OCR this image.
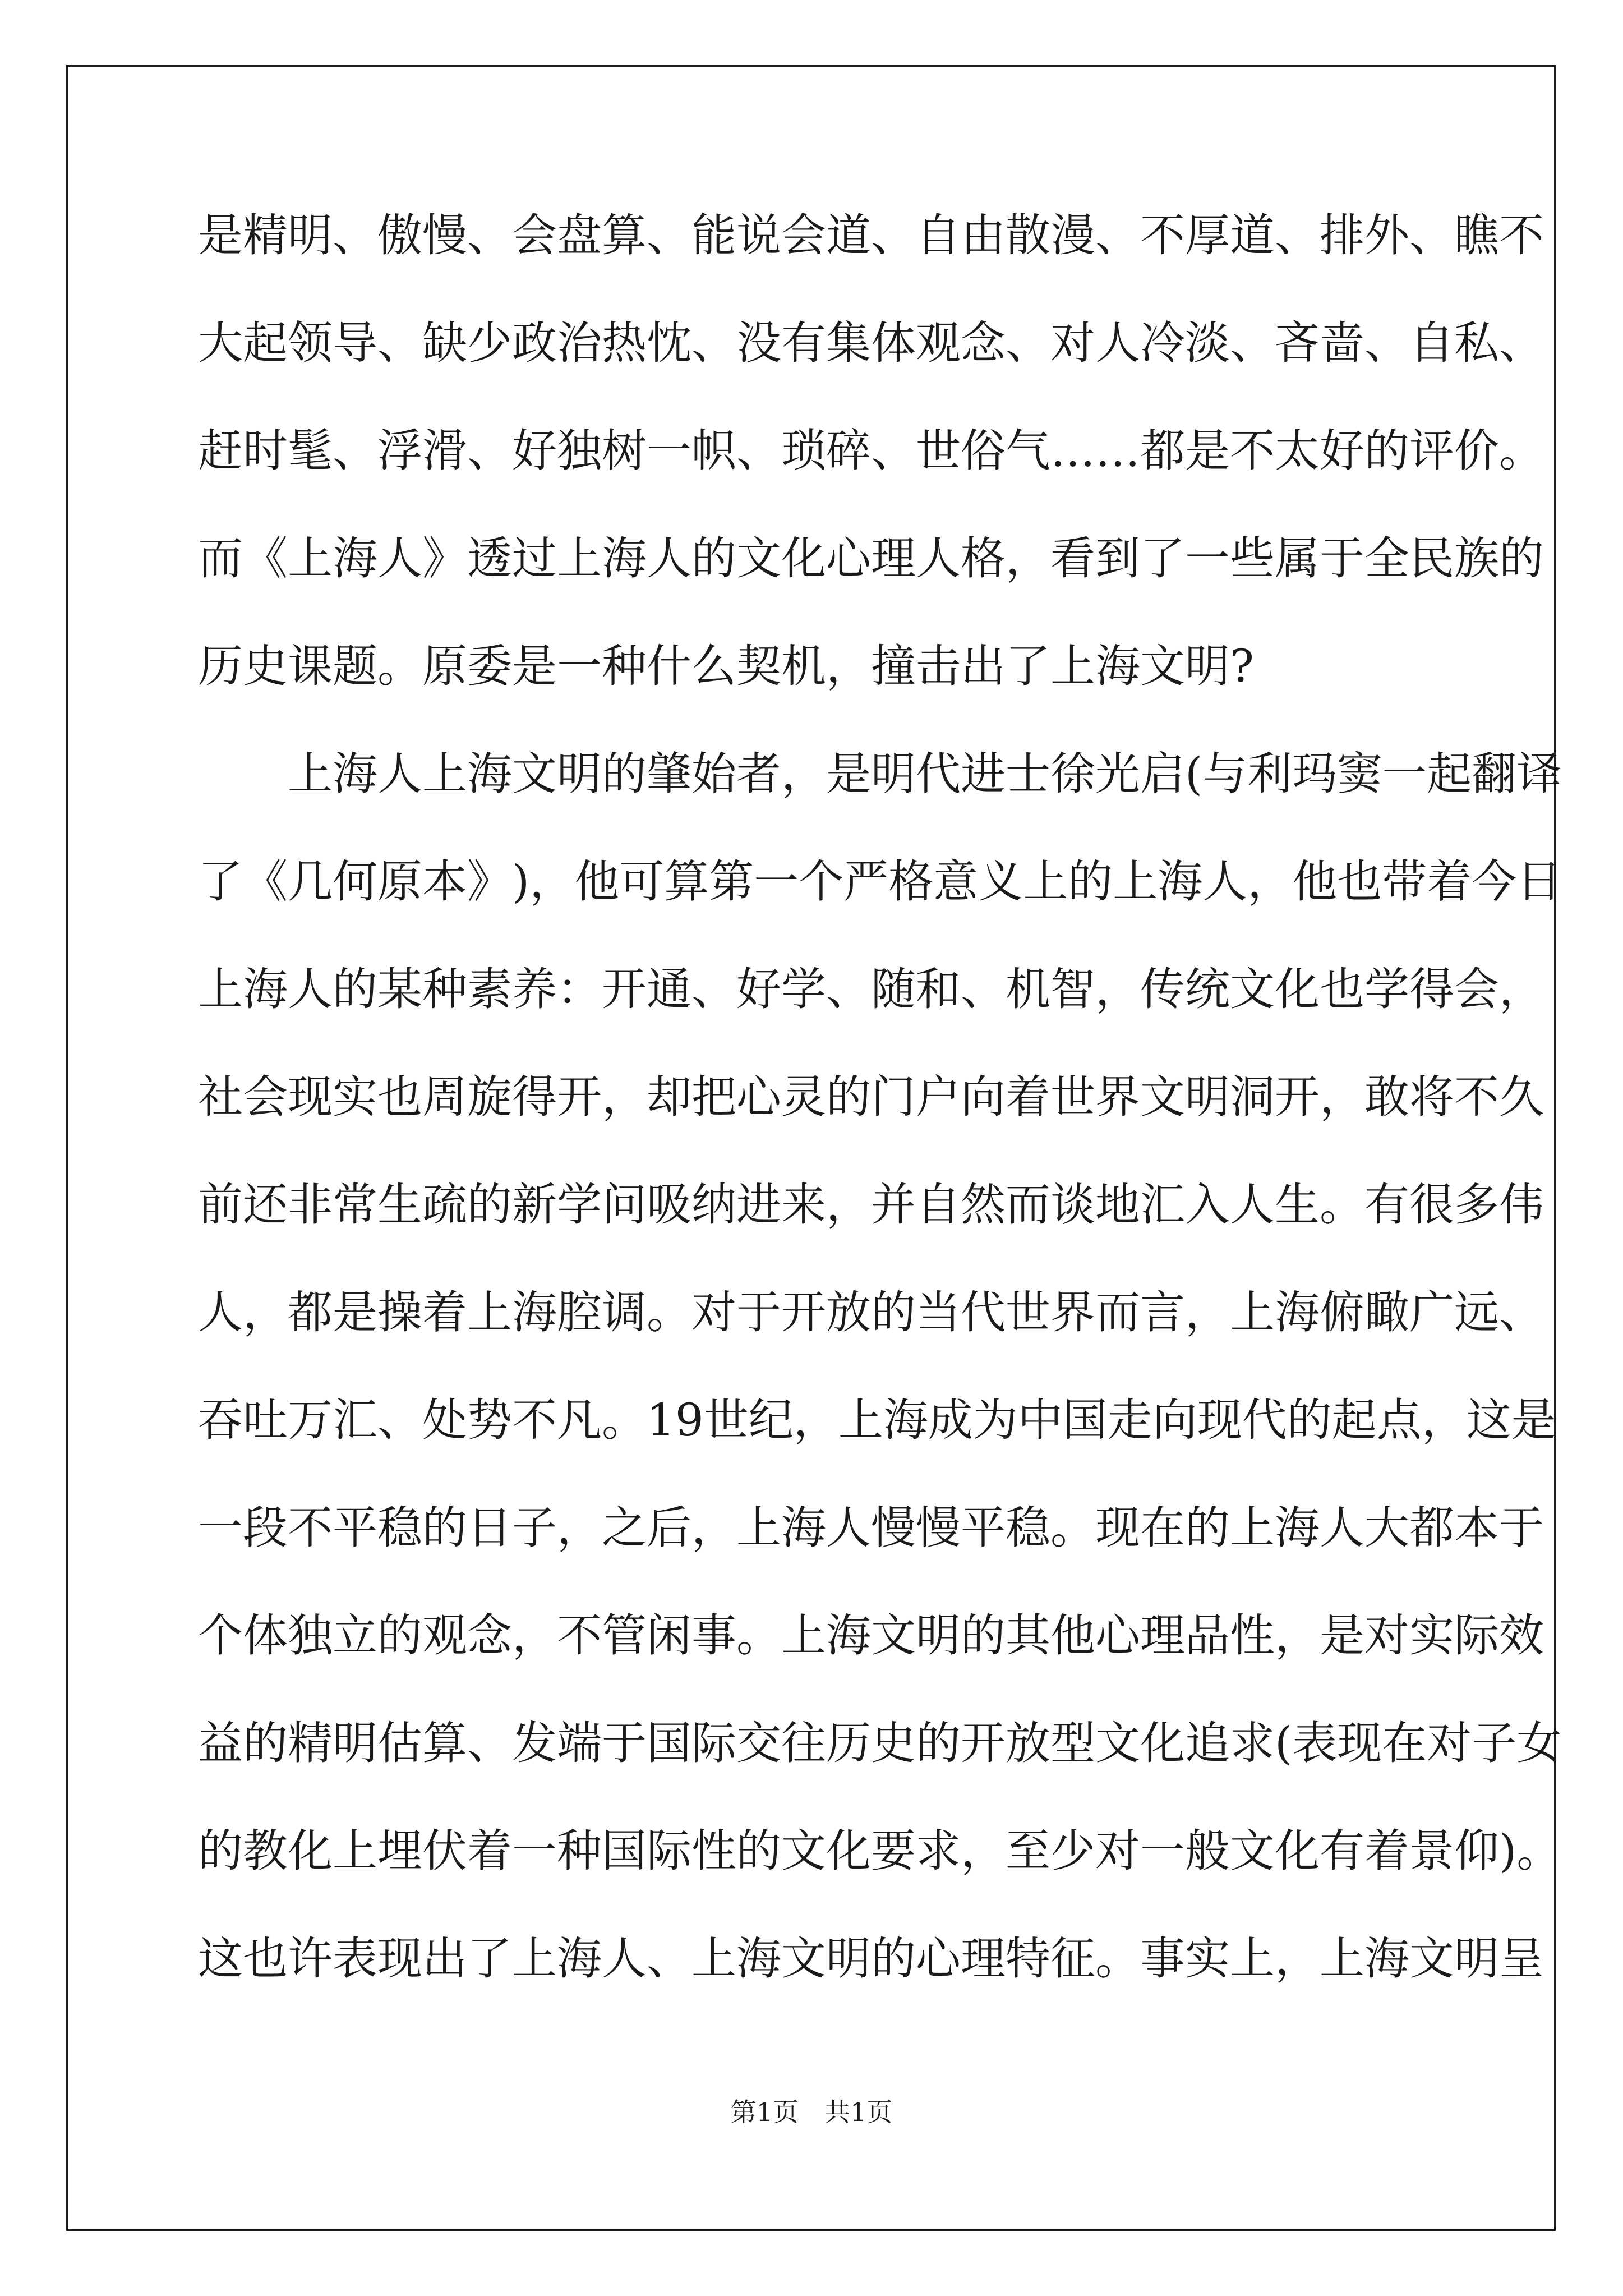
是 精 明 、 傲 慢 、 会 盘 算 、 能 说 会 道 、 自 由 散 漫 、 不 厚 道 、 排 外 、 瞧 不
大 起 领 导 、 缺 少 政 治 热 忱 、 没 有 集 体 观 念 、 对 人 冷 淡 、 吝 啬 、 自 私 、
赶 时 髦 、 浮 滑 、 好 独 树 一 帜 、 琐 碎 、 世 俗 气 … … 都 是 不 太 好 的 评 价 。
而 《 上 海 人 》 透 过 上 海 人 的 文 化 心 理 人 格 ， 看 到 了 一 些 属 于 全 民 族 的
历史课题。原委是一种什么契机，撞击出了上海文明?
上 海 人 上 海 文 明 的 肇 始 者 ， 是 明 代 进 士 徐 光 启 ( 与 利 玛 窦 一 起 翻 译
了 《 几 何 原 本 》 ) ， 他 可 算 第 一 个 严 格 意 义 上 的 上 海 人 ， 他 也 带 着 今 日
上 海 人 的 某 种 素 养 ： 开 通 、 好 学 、 随 和 、 机 智 ， 传 统 文 化 也 学 得 会 ，
社 会 现 实 也 周 旋 得 开 ， 却 把 心 灵 的 门 户 向 着 世 界 文 明 洞 开 ， 敢 将 不 久
前 还 非 常 生 疏 的 新 学 问 吸 纳 进 来 ， 并 自 然 而 谈 地 汇 入 人 生 。 有 很 多 伟
人 ， 都 是 操 着 上 海 腔 调 。 对 于 开 放 的 当 代 世 界 而 言 ， 上 海 俯 瞰 广 远 、
吞 吐 万 汇 、 处 势 不 凡 。 19 世 纪 ， 上 海 成 为 中 国 走 向 现 代 的 起 点 ， 这 是
一 段 不 平 稳 的 日 子 ， 之 后 ， 上 海 人 慢 慢 平 稳 。 现 在 的 上 海 人 大 都 本 于
个 体 独 立 的 观 念 ， 不 管 闲 事 。 上 海 文 明 的 其 他 心 理 品 性 ， 是 对 实 际 效
益 的 精 明 估 算 、 发 端 于 国 际 交 往 历 史 的 开 放 型 文 化 追 求 ( 表 现 在 对 子 女
的 教 化 上 埋 伏 着 一 种 国 际 性 的 文 化 要 求 ， 至 少 对 一 般 文 化 有 着 景 仰 ) 。
这 也 许 表 现 出 了 上 海 人 、 上 海 文 明 的 心 理 特 征 。 事 实 上 ， 上 海 文 明 呈
第1页 共1页
